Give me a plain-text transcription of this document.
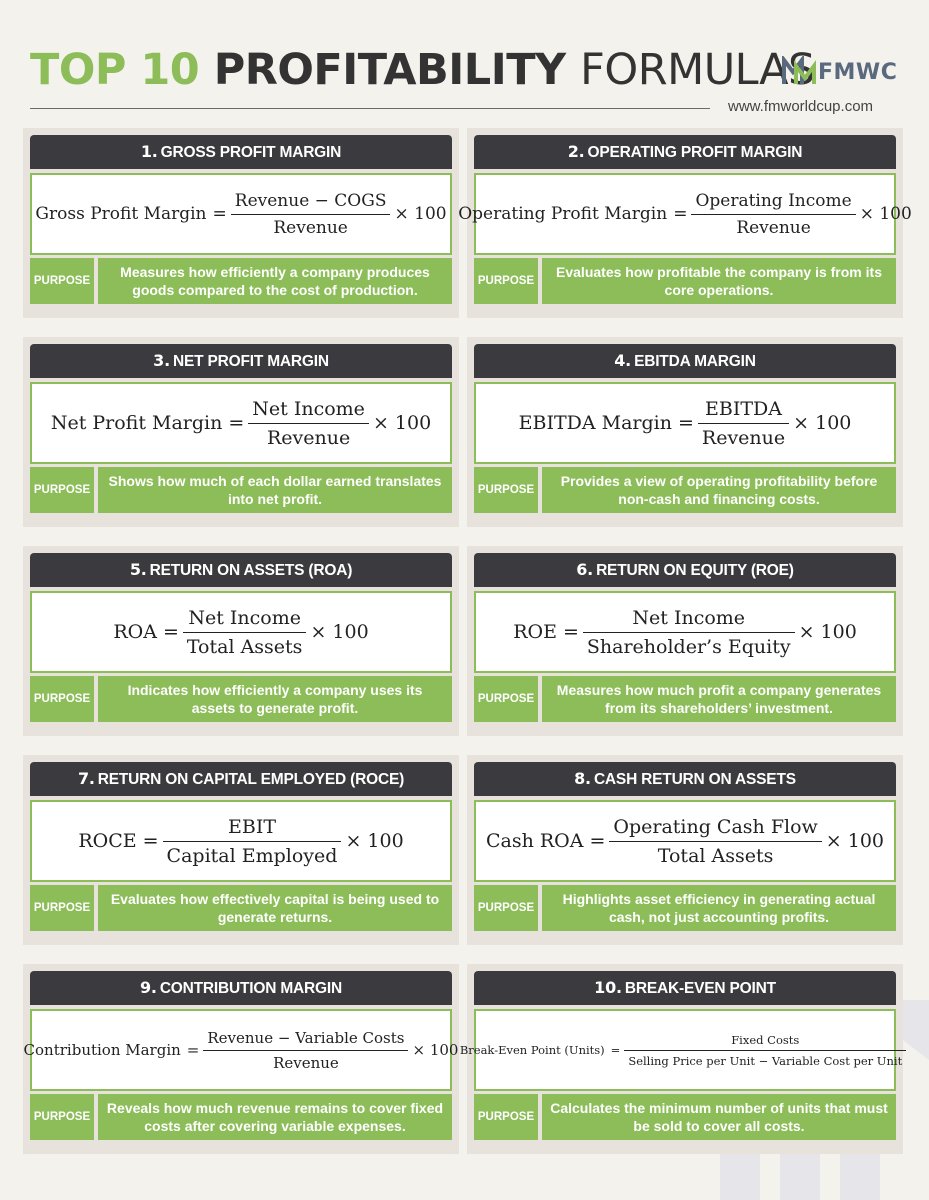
TOP 10 PROFITABILITY FORMULAS FMWC
www.fmworldcup.com
1. GROSS PROFIT MARGIN
Gross Profit Margin = $\frac{\text{Revenue − COGS}}{\text{Revenue}} \times 100$
PURPOSE
Measures how efficiently a company produces goods compared to the cost of production.
2. OPERATING PROFIT MARGIN
Operating Profit Margin = $\frac{\text{Operating Income}}{\text{Revenue}} \times 100$
PURPOSE
Evaluates how profitable the company is from its core operations.
3. NET PROFIT MARGIN
Net Profit Margin = $\frac{\text{Net Income}}{\text{Revenue}} \times 100$
PURPOSE
Shows how much of each dollar earned translates into net profit.
4. EBITDA MARGIN
EBITDA Margin = $\frac{\text{EBITDA}}{\text{Revenue}} \times 100$
PURPOSE
Provides a view of operating profitability before non-cash and financing costs.
5. RETURN ON ASSETS (ROA)
ROA = $\frac{\text{Net Income}}{\text{Total Assets}} \times 100$
PURPOSE
Indicates how efficiently a company uses its assets to generate profit.
6. RETURN ON EQUITY (ROE)
ROE = $\frac{\text{Net Income}}{\text{Shareholder’s Equity}} \times 100$
PURPOSE
Measures how much profit a company generates from its shareholders’ investment.
7. RETURN ON CAPITAL EMPLOYED (ROCE)
ROCE = $\frac{\text{EBIT}}{\text{Capital Employed}} \times 100$
PURPOSE
Evaluates how effectively capital is being used to generate returns.
8. CASH RETURN ON ASSETS
Cash ROA = $\frac{\text{Operating Cash Flow}}{\text{Total Assets}} \times 100$
PURPOSE
Highlights asset efficiency in generating actual cash, not just accounting profits.
9. CONTRIBUTION MARGIN
Contribution Margin = $\frac{\text{Revenue − Variable Costs}}{\text{Revenue}} \times 100$
PURPOSE
Reveals how much revenue remains to cover fixed costs after covering variable expenses.
10. BREAK-EVEN POINT
Break-Even Point (Units) = $\frac{\text{Fixed Costs}}{\text{Selling Price per Unit − Variable Cost per Unit}}$
PURPOSE
Calculates the minimum number of units that must be sold to cover all costs.
